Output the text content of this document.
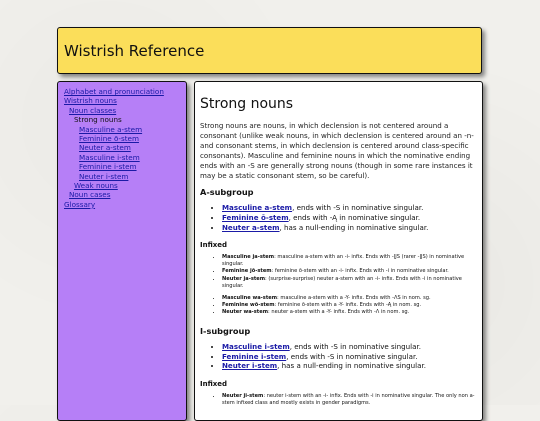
Wistrish Reference
Alphabet and pronunciation
Wistrish nouns
Noun classes
Strong nouns
Masculine a-stem
Feminine ō-stem
Neuter a-stem
Masculine i-stem
Feminine i-stem
Neuter i-stem
Weak nouns
Noun cases
Glossary
Strong nouns

Strong nouns are nouns, in which declension is not centered around a consonant (unlike weak nouns, in which declension is centered around an -n- and consonant stems, in which declension is centered around class-specific consonants). Masculine and feminine nouns in which the nominative ending ends with an -S are generally strong nouns (though in some rare instances it may be a static consonant stem, so be careful).

A-subgroup
• Masculine a-stem, ends with -S in nominative singular.
• Feminine ō-stem, ends with -Ą in nominative singular.
• Neuter a-stem, has a null-ending in nominative singular.
Infixed
• Masculine ja-stem: masculine a-stem with an -i- infix. Ends with -ĮJS (rarer -ĮJS) in nominative singular.
• Feminine jō-stem: feminine ō-stem with an -i- infix. Ends with -i in nominative singular.
• Neuter ja-stem: (surprise-surprise) neuter a-stem with an -i- infix. Ends with -i in nominative singular.
• Masculine wa-stem: masculine a-stem with a -Y- infix. Ends with -ɅS in nom. sg.
• Feminine wō-stem: feminine ō-stem with a -Y- infix. Ends with -Ą in nom. sg.
• Neuter wa-stem: neuter a-stem with a -Y- infix. Ends with -Ʌ in nom. sg.
I-subgroup
• Masculine i-stem, ends with -S in nominative singular.
• Feminine i-stem, ends with -S in nominative singular.
• Neuter i-stem, has a null-ending in nominative singular.
Infixed
• Neuter ji-stem: neuter i-stem with an -i- infix. Ends with -i in nominative singular. The only non a-stem infixed class and mostly exists in gender paradigms.
